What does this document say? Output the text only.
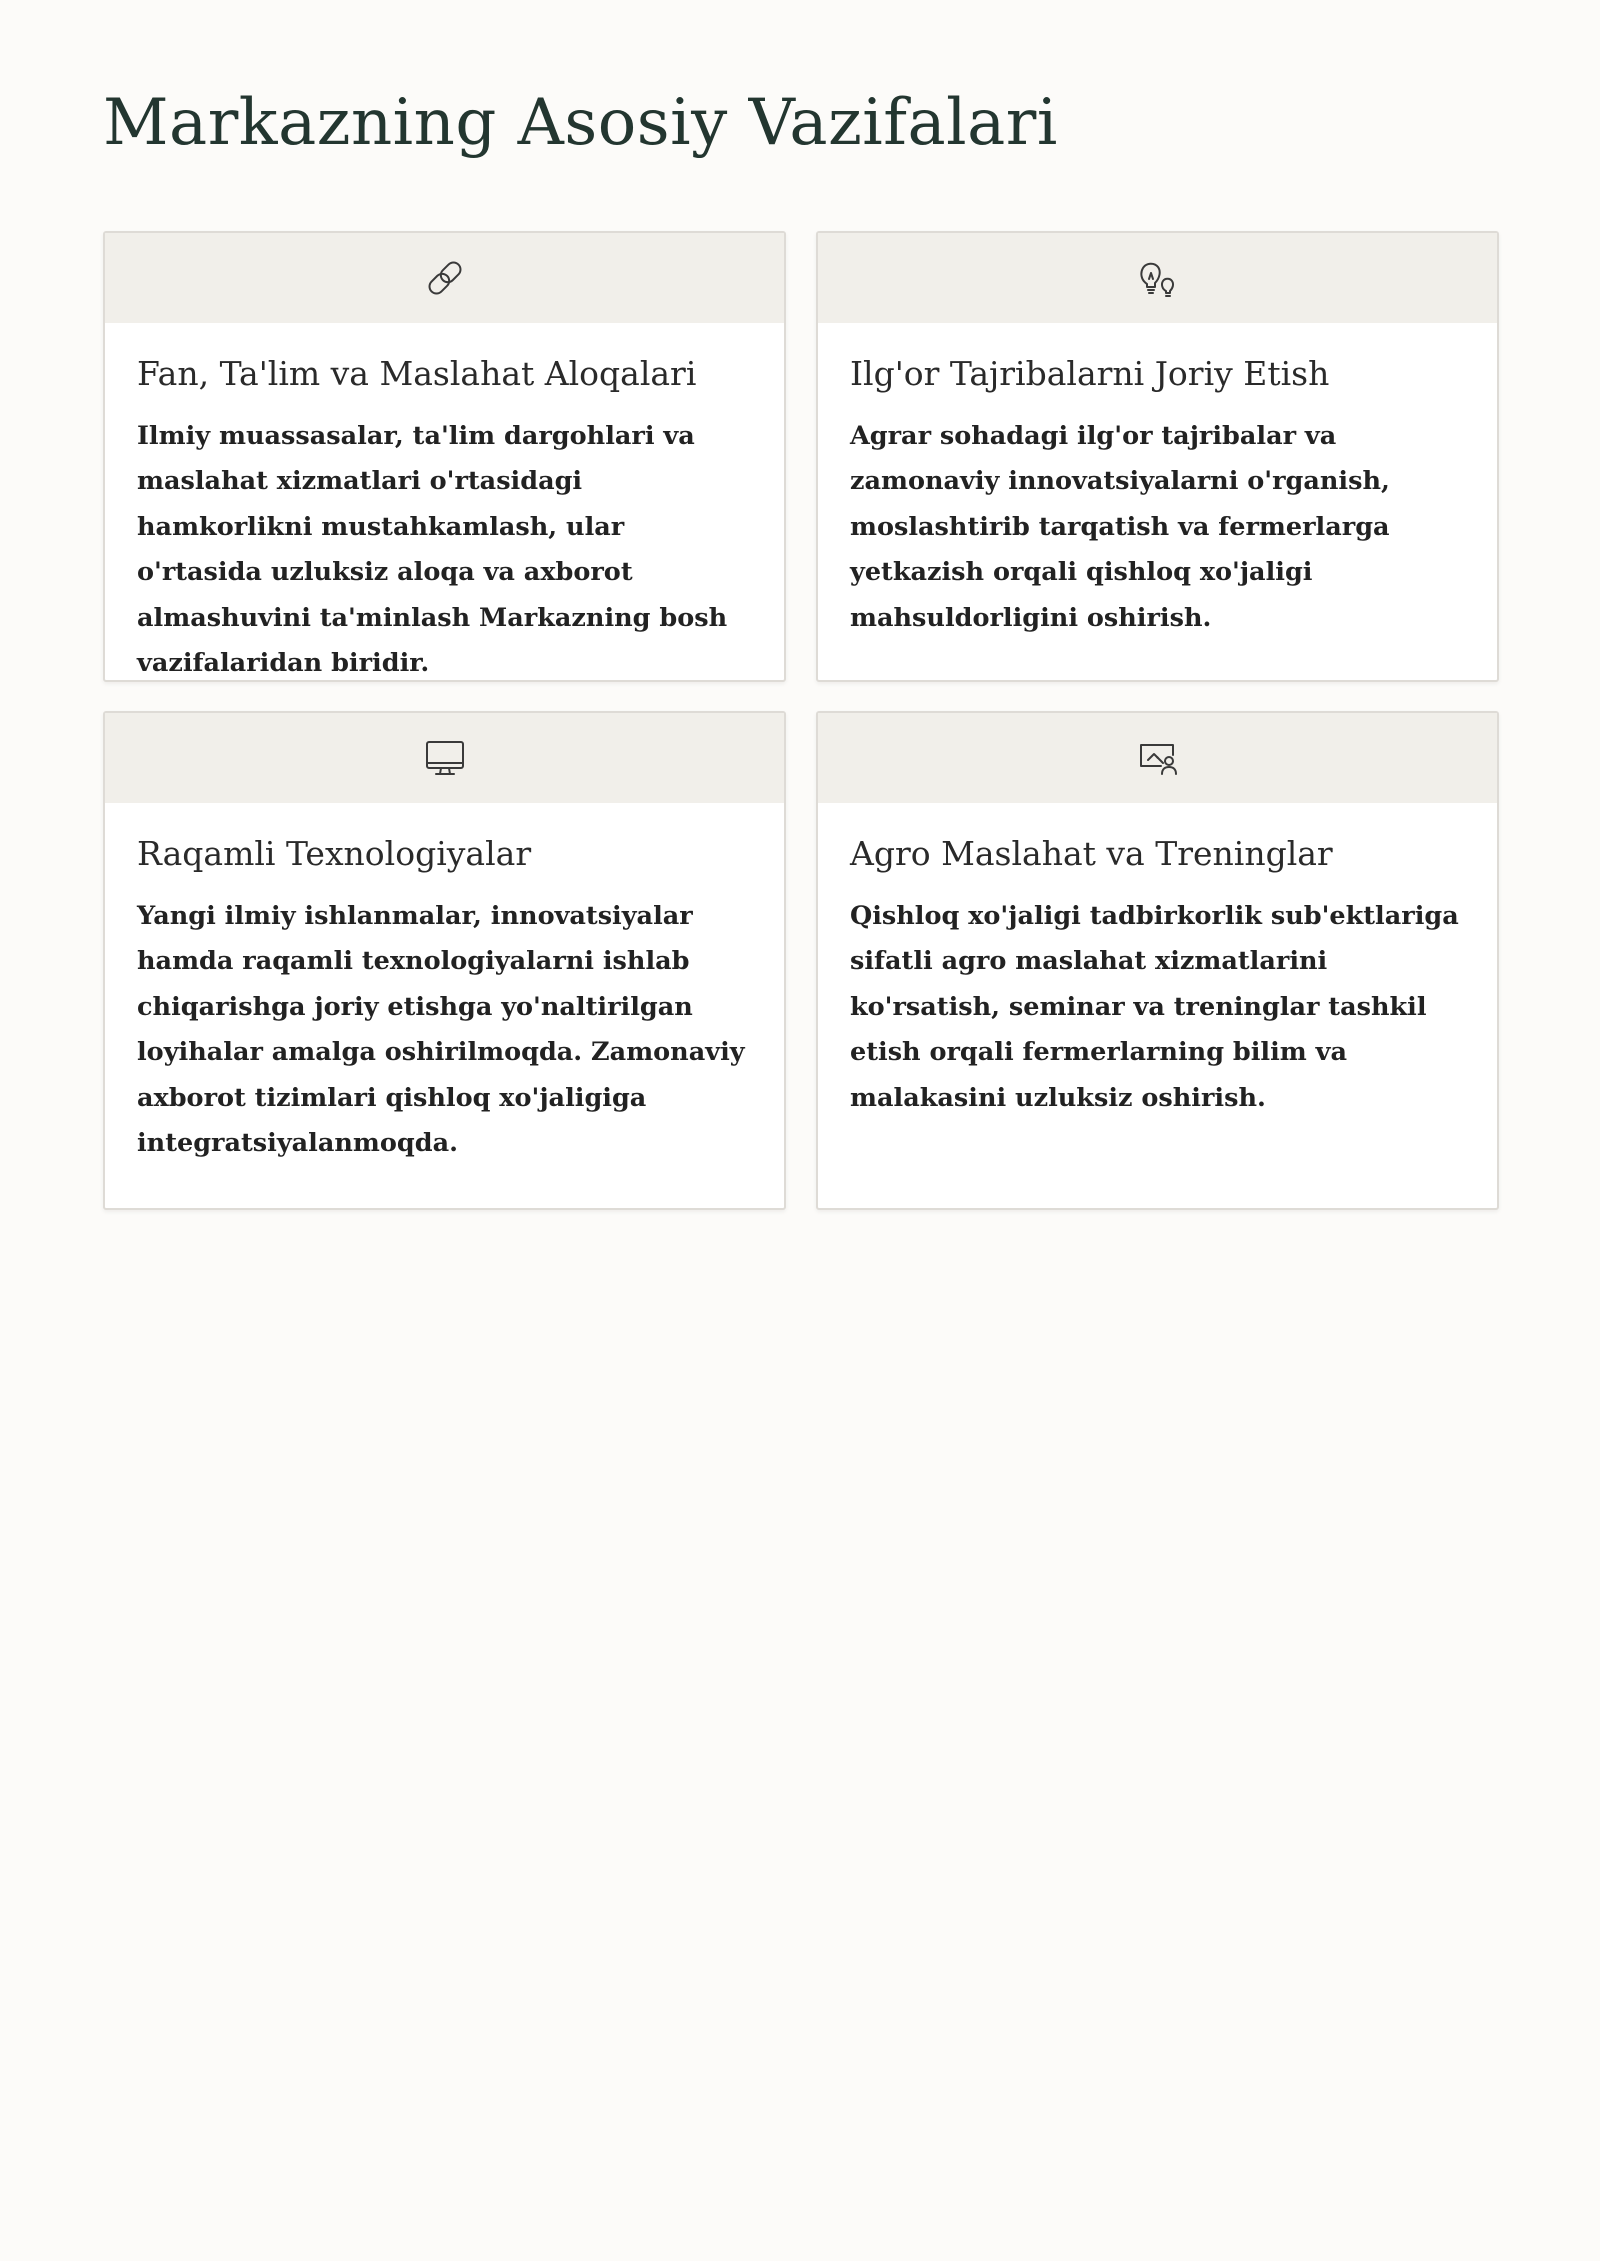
Markazning Asosiy Vazifalari
Fan, Ta'lim va Maslahat Aloqalari

Ilmiy muassasalar, ta'lim dargohlari va maslahat xizmatlari o'rtasidagi hamkorlikni mustahkamlash, ular o'rtasida uzluksiz aloqa va axborot almashuvini ta'minlash Markazning bosh vazifalaridan biridir.

Ilg'or Tajribalarni Joriy Etish

Agrar sohadagi ilg'or tajribalar va zamonaviy innovatsiyalarni o'rganish, moslashtirib tarqatish va fermerlarga yetkazish orqali qishloq xo'jaligi mahsuldorligini oshirish.

Raqamli Texnologiyalar

Yangi ilmiy ishlanmalar, innovatsiyalar hamda raqamli texnologiyalarni ishlab chiqarishga joriy etishga yo'naltirilgan loyihalar amalga oshirilmoqda. Zamonaviy axborot tizimlari qishloq xo'jaligiga integratsiyalanmoqda.

Agro Maslahat va Treninglar

Qishloq xo'jaligi tadbirkorlik sub'ektlariga sifatli agro maslahat xizmatlarini ko'rsatish, seminar va treninglar tashkil etish orqali fermerlarning bilim va malakasini uzluksiz oshirish.
